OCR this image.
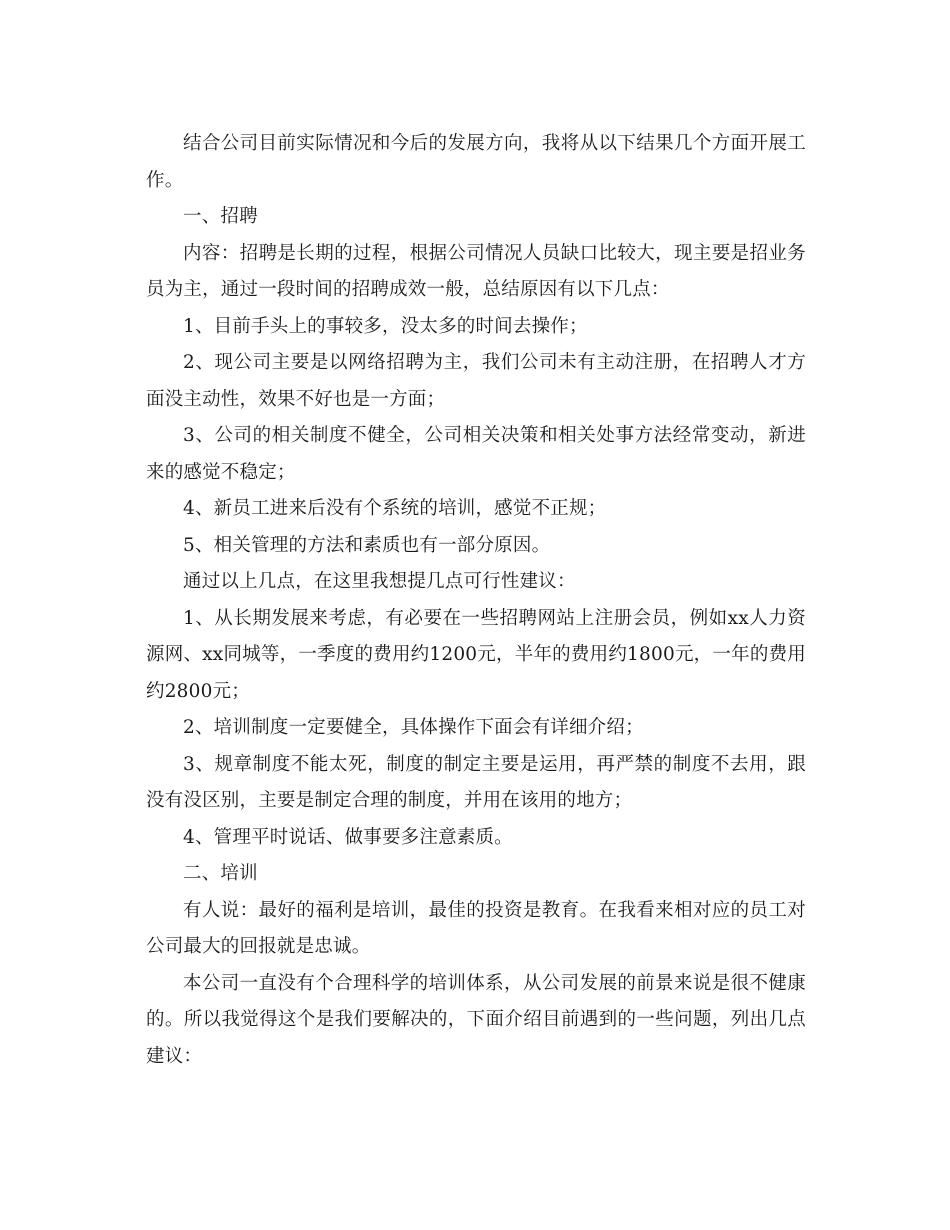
结合公司目前实际情况和今后的发展方向，我将从以下结果几个方面开展工作。

一、招聘

内容：招聘是长期的过程，根据公司情况人员缺口比较大，现主要是招业务员为主，通过一段时间的招聘成效一般，总结原因有以下几点：

1、目前手头上的事较多，没太多的时间去操作；

2、现公司主要是以网络招聘为主，我们公司未有主动注册，在招聘人才方面没主动性，效果不好也是一方面；

3、公司的相关制度不健全，公司相关决策和相关处事方法经常变动，新进来的感觉不稳定；

4、新员工进来后没有个系统的培训，感觉不正规；

5、相关管理的方法和素质也有一部分原因。

通过以上几点，在这里我想提几点可行性建议：

1、从长期发展来考虑，有必要在一些招聘网站上注册会员，例如xx人力资源网、xx同城等，一季度的费用约1200元，半年的费用约1800元，一年的费用约2800元；

2、培训制度一定要健全，具体操作下面会有详细介绍；

3、规章制度不能太死，制度的制定主要是运用，再严禁的制度不去用，跟没有没区别，主要是制定合理的制度，并用在该用的地方；

4、管理平时说话、做事要多注意素质。

二、培训

有人说：最好的福利是培训，最佳的投资是教育。在我看来相对应的员工对公司最大的回报就是忠诚。

本公司一直没有个合理科学的培训体系，从公司发展的前景来说是很不健康的。所以我觉得这个是我们要解决的，下面介绍目前遇到的一些问题，列出几点建议：
